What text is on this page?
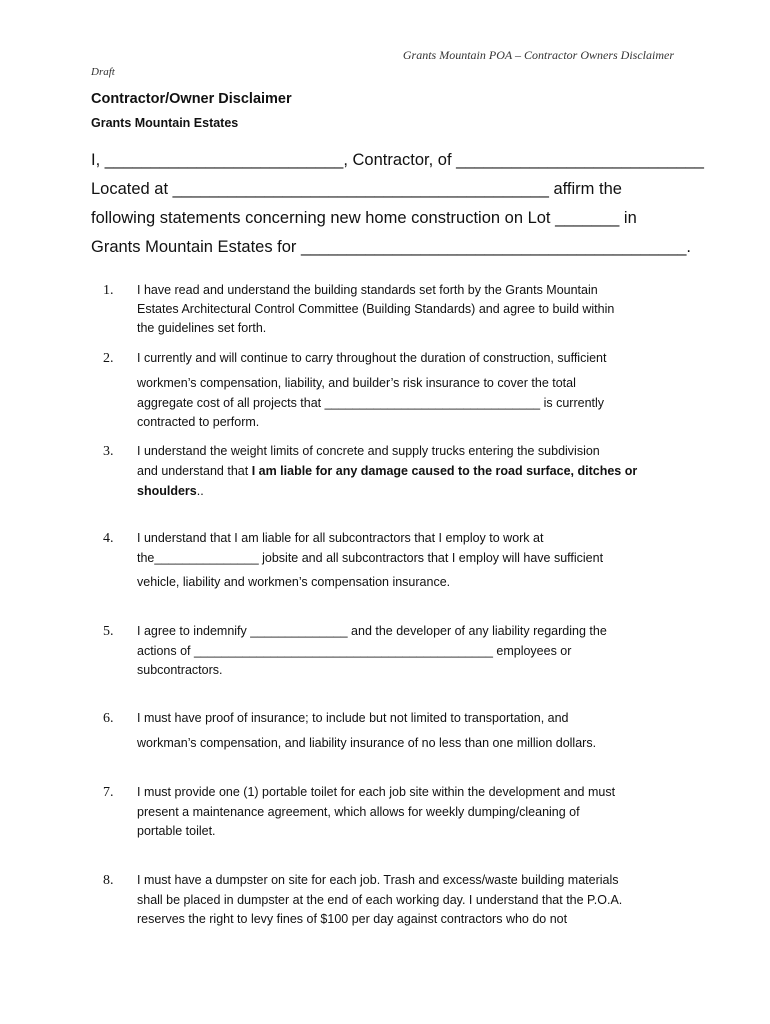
Grants Mountain POA – Contractor Owners Disclaimer
Draft
Contractor/Owner Disclaimer
Grants Mountain Estates
I, __________________________, Contractor, of ___________________________
Located at _________________________________________ affirm the
following statements concerning new home construction on Lot _______ in
Grants Mountain Estates for __________________________________________.
1. I have read and understand the building standards set forth by the Grants Mountain
Estates Architectural Control Committee (Building Standards) and agree to build within
the guidelines set forth.
2. I currently and will continue to carry throughout the duration of construction, sufficient
workmen’s compensation, liability, and builder’s risk insurance to cover the total
aggregate cost of all projects that _______________________________ is currently
contracted to perform.
3. I understand the weight limits of concrete and supply trucks entering the subdivision
and understand that I am liable for any damage caused to the road surface, ditches or
shoulders..
4. I understand that I am liable for all subcontractors that I employ to work at
the_______________ jobsite and all subcontractors that I employ will have sufficient
vehicle, liability and workmen’s compensation insurance.
5. I agree to indemnify ______________ and the developer of any liability regarding the
actions of ___________________________________________ employees or
subcontractors.
6. I must have proof of insurance; to include but not limited to transportation, and
workman’s compensation, and liability insurance of no less than one million dollars.
7. I must provide one (1) portable toilet for each job site within the development and must
present a maintenance agreement, which allows for weekly dumping/cleaning of
portable toilet.
8. I must have a dumpster on site for each job. Trash and excess/waste building materials
shall be placed in dumpster at the end of each working day. I understand that the P.O.A.
reserves the right to levy fines of $100 per day against contractors who do not
